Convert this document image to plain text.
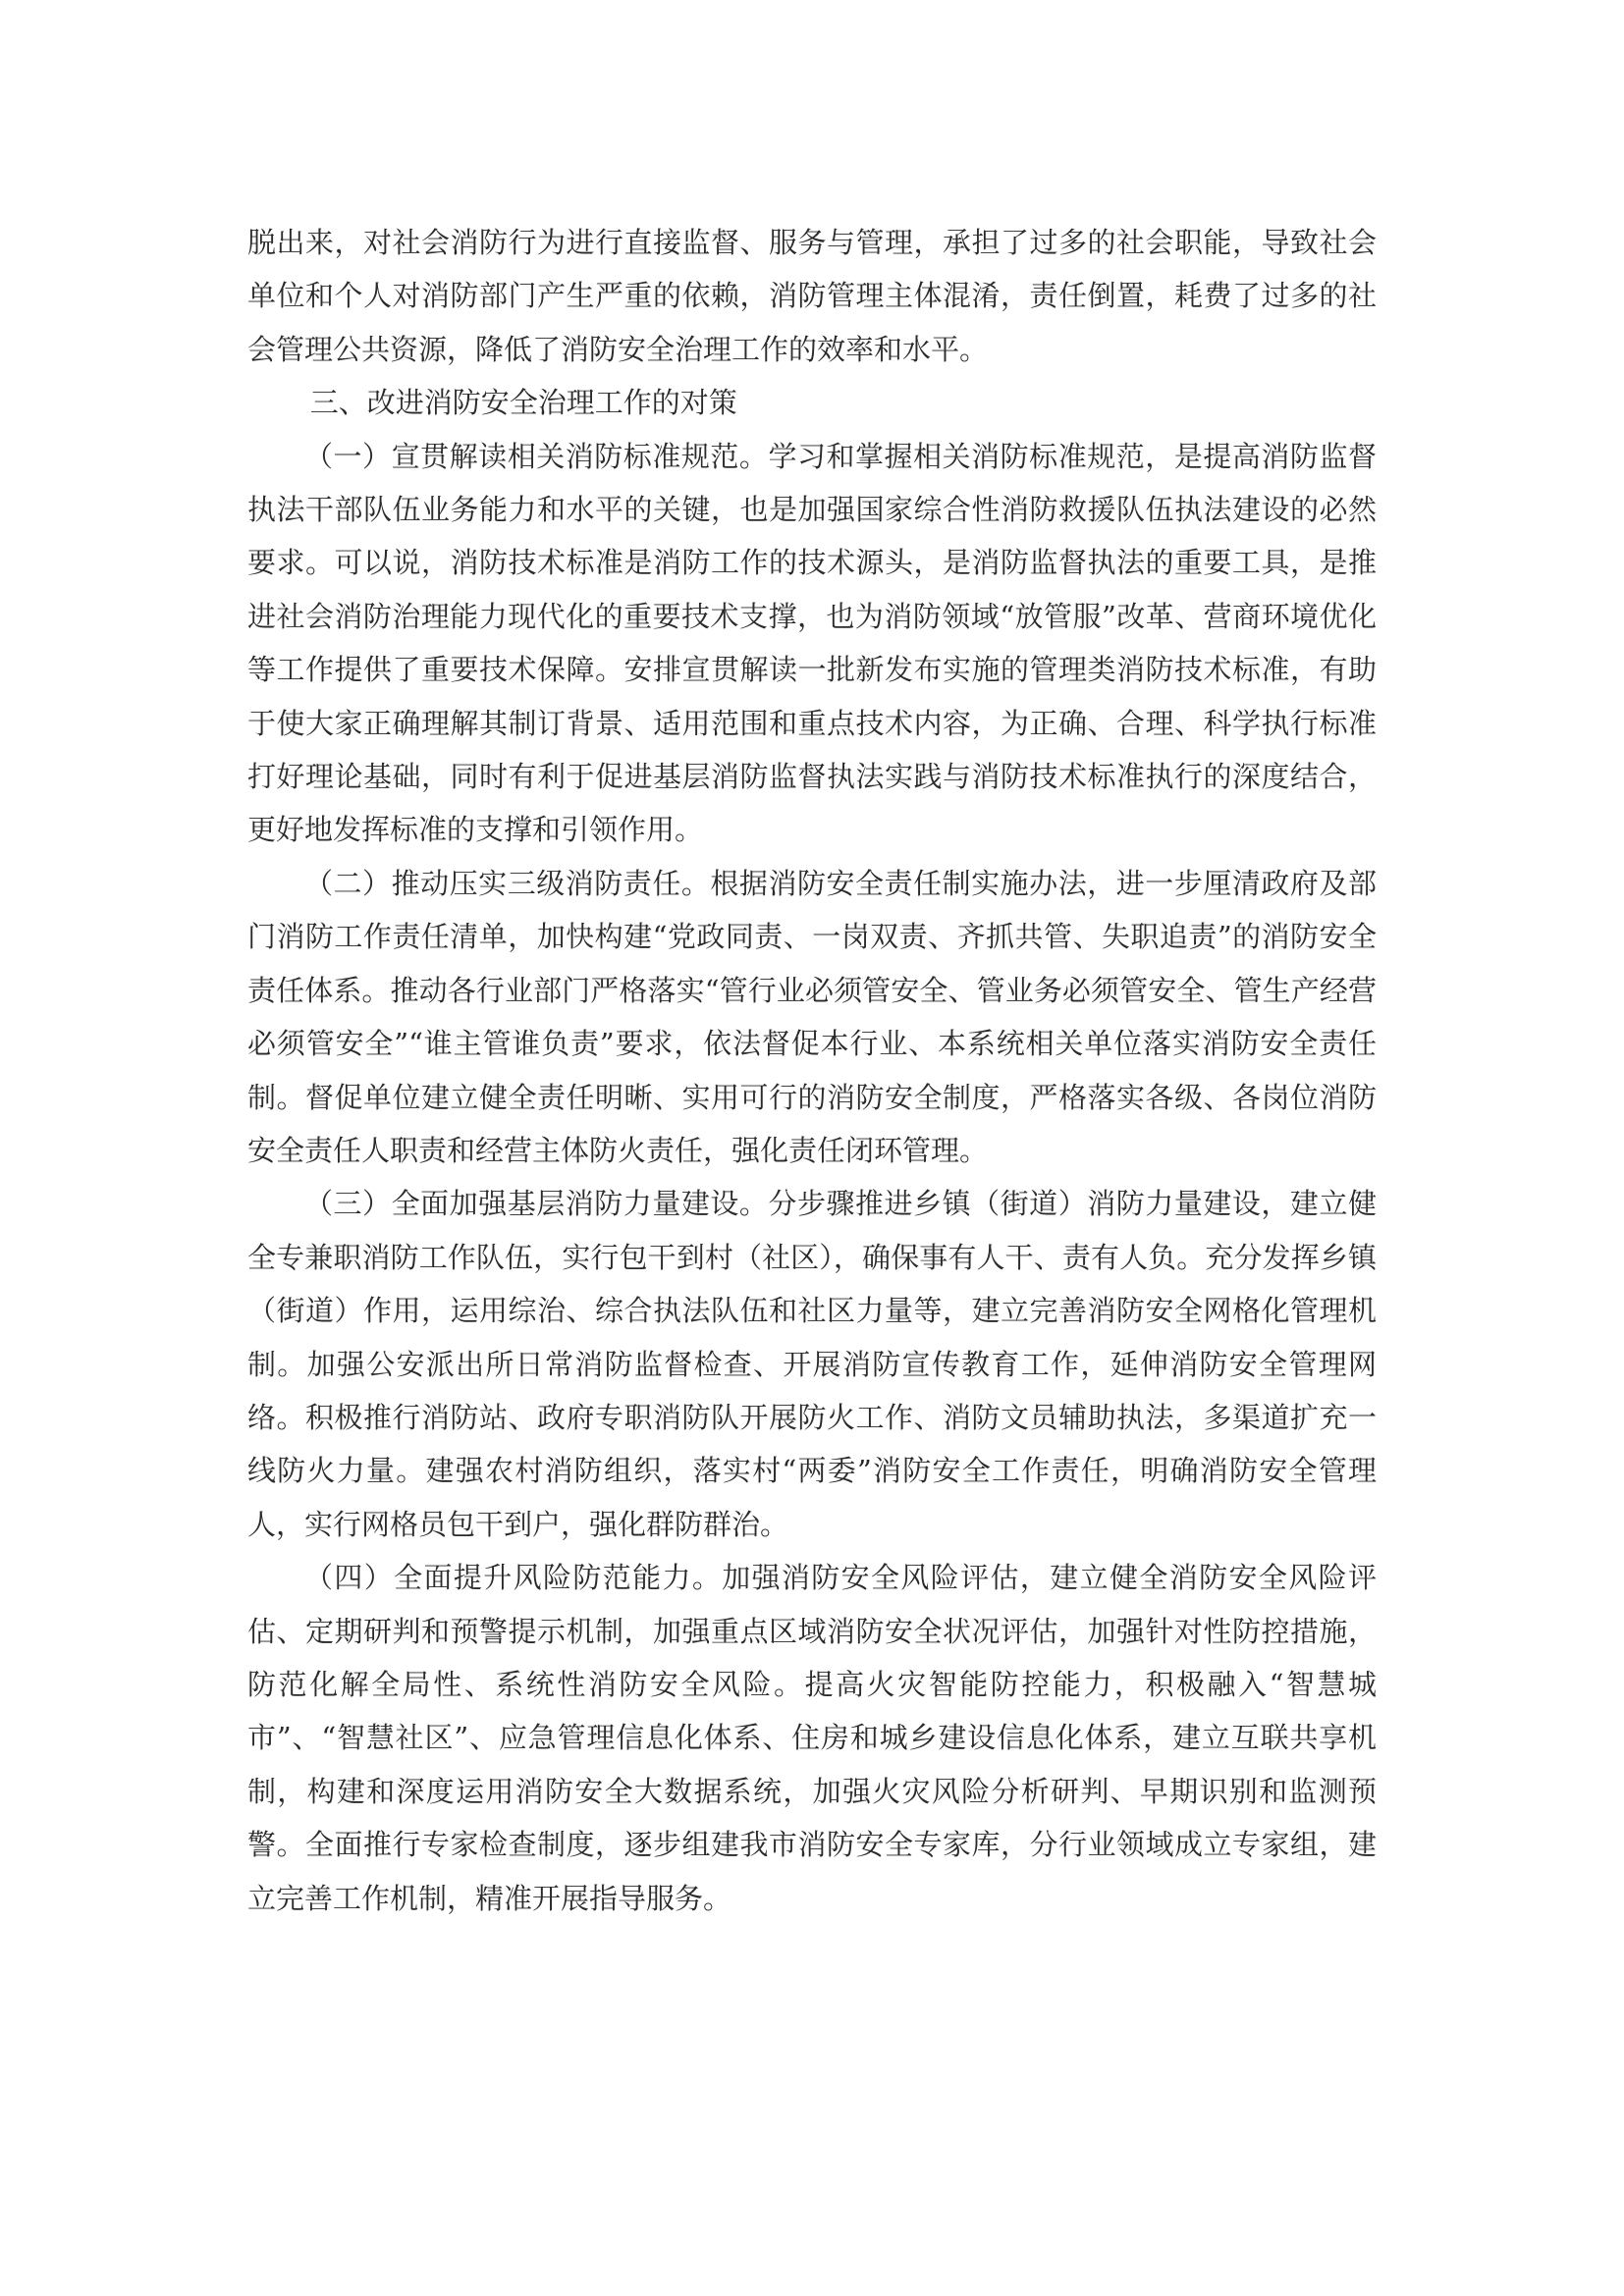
脱出来，对社会消防行为进行直接监督、服务与管理，承担了过多的社会职能，导致社会单位和个人对消防部门产生严重的依赖，消防管理主体混淆，责任倒置，耗费了过多的社会管理公共资源，降低了消防安全治理工作的效率和水平。

三、改进消防安全治理工作的对策

（一）宣贯解读相关消防标准规范。学习和掌握相关消防标准规范，是提高消防监督执法干部队伍业务能力和水平的关键，也是加强国家综合性消防救援队伍执法建设的必然要求。可以说，消防技术标准是消防工作的技术源头，是消防监督执法的重要工具，是推进社会消防治理能力现代化的重要技术支撑，也为消防领域“放管服”改革、营商环境优化等工作提供了重要技术保障。安排宣贯解读一批新发布实施的管理类消防技术标准，有助于使大家正确理解其制订背景、适用范围和重点技术内容，为正确、合理、科学执行标准打好理论基础，同时有利于促进基层消防监督执法实践与消防技术标准执行的深度结合，更好地发挥标准的支撑和引领作用。

（二）推动压实三级消防责任。根据消防安全责任制实施办法，进一步厘清政府及部门消防工作责任清单，加快构建“党政同责、一岗双责、齐抓共管、失职追责”的消防安全责任体系。推动各行业部门严格落实“管行业必须管安全、管业务必须管安全、管生产经营必须管安全”“谁主管谁负责”要求，依法督促本行业、本系统相关单位落实消防安全责任制。督促单位建立健全责任明晰、实用可行的消防安全制度，严格落实各级、各岗位消防安全责任人职责和经营主体防火责任，强化责任闭环管理。

（三）全面加强基层消防力量建设。分步骤推进乡镇（街道）消防力量建设，建立健全专兼职消防工作队伍，实行包干到村（社区），确保事有人干、责有人负。充分发挥乡镇（街道）作用，运用综治、综合执法队伍和社区力量等，建立完善消防安全网格化管理机制。加强公安派出所日常消防监督检查、开展消防宣传教育工作，延伸消防安全管理网络。积极推行消防站、政府专职消防队开展防火工作、消防文员辅助执法，多渠道扩充一线防火力量。建强农村消防组织，落实村“两委”消防安全工作责任，明确消防安全管理人，实行网格员包干到户，强化群防群治。

（四）全面提升风险防范能力。加强消防安全风险评估，建立健全消防安全风险评估、定期研判和预警提示机制，加强重点区域消防安全状况评估，加强针对性防控措施，防范化解全局性、系统性消防安全风险。提高火灾智能防控能力，积极融入“智慧城市”、“智慧社区”、应急管理信息化体系、住房和城乡建设信息化体系，建立互联共享机制，构建和深度运用消防安全大数据系统，加强火灾风险分析研判、早期识别和监测预警。全面推行专家检查制度，逐步组建我市消防安全专家库，分行业领域成立专家组，建立完善工作机制，精准开展指导服务。
